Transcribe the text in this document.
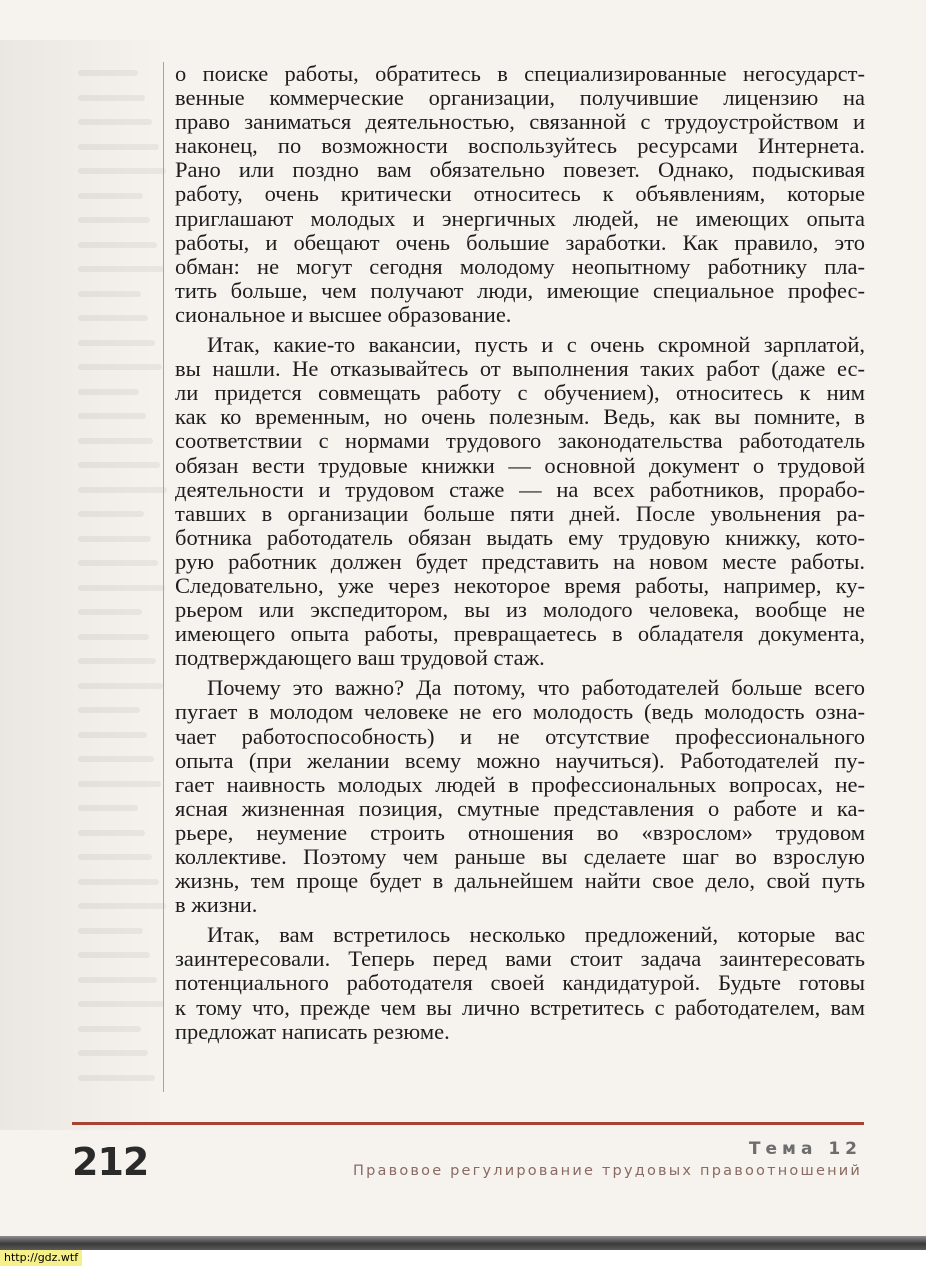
о поиске работы, обратитесь в специализированные негосударст-
венные коммерческие организации, получившие лицензию на
право заниматься деятельностью, связанной с трудоустройством и
наконец, по возможности воспользуйтесь ресурсами Интернета.
Рано или поздно вам обязательно повезет. Однако, подыскивая
работу, очень критически относитесь к объявлениям, которые
приглашают молодых и энергичных людей, не имеющих опыта
работы, и обещают очень большие заработки. Как правило, это
обман: не могут сегодня молодому неопытному работнику пла-
тить больше, чем получают люди, имеющие специальное профес-
сиональное и высшее образование.
Итак, какие-то вакансии, пусть и с очень скромной зарплатой,
вы нашли. Не отказывайтесь от выполнения таких работ (даже ес-
ли придется совмещать работу с обучением), относитесь к ним
как ко временным, но очень полезным. Ведь, как вы помните, в
соответствии с нормами трудового законодательства работодатель
обязан вести трудовые книжки — основной документ о трудовой
деятельности и трудовом стаже — на всех работников, прорабо-
тавших в организации больше пяти дней. После увольнения ра-
ботника работодатель обязан выдать ему трудовую книжку, кото-
рую работник должен будет представить на новом месте работы.
Следовательно, уже через некоторое время работы, например, ку-
рьером или экспедитором, вы из молодого человека, вообще не
имеющего опыта работы, превращаетесь в обладателя документа,
подтверждающего ваш трудовой стаж.
Почему это важно? Да потому, что работодателей больше всего
пугает в молодом человеке не его молодость (ведь молодость озна-
чает работоспособность) и не отсутствие профессионального
опыта (при желании всему можно научиться). Работодателей пу-
гает наивность молодых людей в профессиональных вопросах, не-
ясная жизненная позиция, смутные представления о работе и ка-
рьере, неумение строить отношения во «взрослом» трудовом
коллективе. Поэтому чем раньше вы сделаете шаг во взрослую
жизнь, тем проще будет в дальнейшем найти свое дело, свой путь
в жизни.
Итак, вам встретилось несколько предложений, которые вас
заинтересовали. Теперь перед вами стоит задача заинтересовать
потенциального работодателя своей кандидатурой. Будьте готовы
к тому что, прежде чем вы лично встретитесь с работодателем, вам
предложат написать резюме.
212	Тема 12
Правовое регулирование трудовых правоотношений
http://gdz.wtf
